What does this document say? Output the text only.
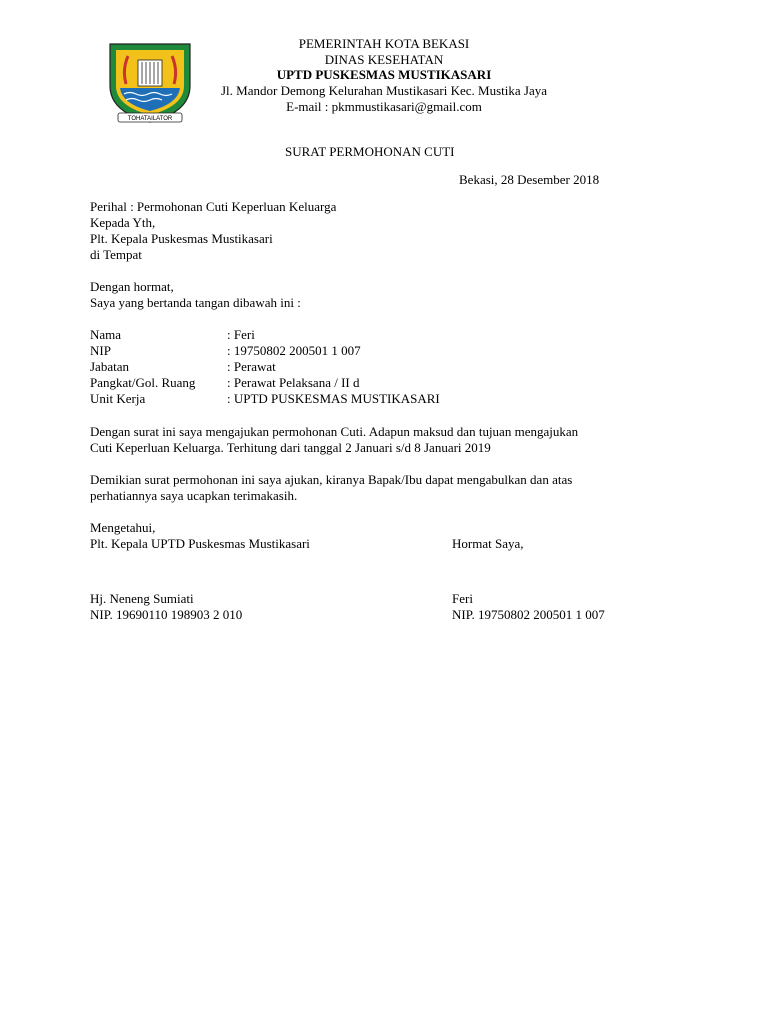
TOHATAILATOR
PEMERINTAH KOTA BEKASI
DINAS KESEHATAN
UPTD PUSKESMAS MUSTIKASARI
Jl. Mandor Demong Kelurahan Mustikasari Kec. Mustika Jaya
E-mail : pkmmustikasari@gmail.com
SURAT PERMOHONAN CUTI
Bekasi, 28 Desember 2018
Perihal : Permohonan Cuti Keperluan Keluarga
Kepada Yth,
Plt. Kepala Puskesmas Mustikasari
di Tempat
Dengan hormat,
Saya yang bertanda tangan dibawah ini :
Nama	: Feri
NIP	: 19750802 200501 1 007
Jabatan	: Perawat
Pangkat/Gol. Ruang : Perawat Pelaksana / II d
Unit Kerja	: UPTD PUSKESMAS MUSTIKASARI
Dengan surat ini saya mengajukan permohonan Cuti. Adapun maksud dan tujuan mengajukan
Cuti Keperluan Keluarga. Terhitung dari tanggal 2 Januari s/d 8 Januari 2019
Demikian surat permohonan ini saya ajukan, kiranya Bapak/Ibu dapat mengabulkan dan atas
perhatiannya saya ucapkan terimakasih.
Mengetahui,
Plt. Kepala UPTD Puskesmas Mustikasari	Hormat Saya,
Hj. Neneng Sumiati
NIP. 19690110 198903 2 010
Feri
NIP. 19750802 200501 1 007
